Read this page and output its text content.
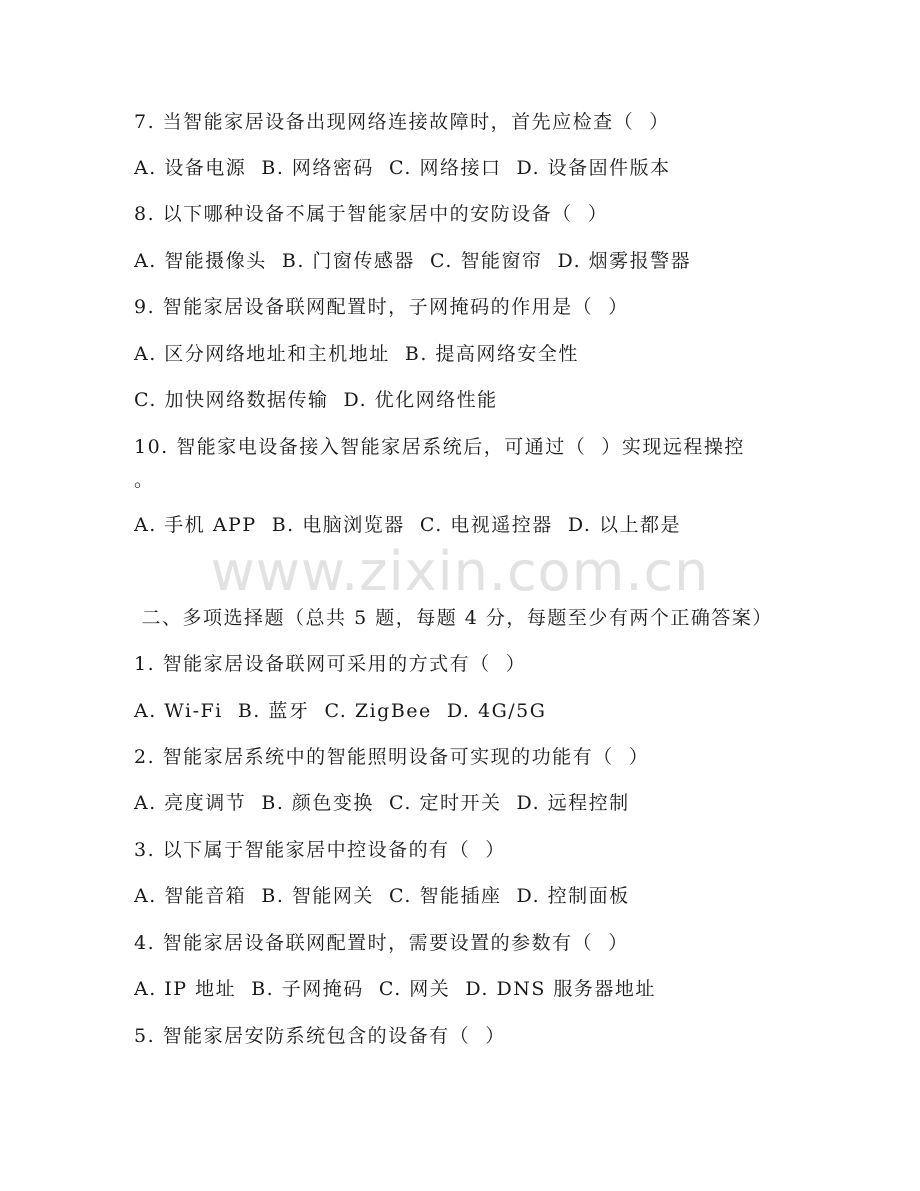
7. 当智能家居设备出现网络连接故障时，首先应检查（  ）
A. 设备电源  B. 网络密码  C. 网络接口  D. 设备固件版本
8. 以下哪种设备不属于智能家居中的安防设备（  ）
A. 智能摄像头  B. 门窗传感器  C. 智能窗帘  D. 烟雾报警器
9. 智能家居设备联网配置时，子网掩码的作用是（  ）
A. 区分网络地址和主机地址  B. 提高网络安全性
C. 加快网络数据传输  D. 优化网络性能
10. 智能家电设备接入智能家居系统后，可通过（  ）实现远程操控
。
A. 手机 APP  B. 电脑浏览器  C. 电视遥控器  D. 以上都是
www.zixin.com.cn
二、多项选择题（总共 5 题，每题 4 分，每题至少有两个正确答案）
1. 智能家居设备联网可采用的方式有（  ）
A. Wi-Fi  B. 蓝牙  C. ZigBee  D. 4G/5G
2. 智能家居系统中的智能照明设备可实现的功能有（  ）
A. 亮度调节  B. 颜色变换  C. 定时开关  D. 远程控制
3. 以下属于智能家居中控设备的有（  ）
A. 智能音箱  B. 智能网关  C. 智能插座  D. 控制面板
4. 智能家居设备联网配置时，需要设置的参数有（  ）
A. IP 地址  B. 子网掩码  C. 网关  D. DNS 服务器地址
5. 智能家居安防系统包含的设备有（  ）
